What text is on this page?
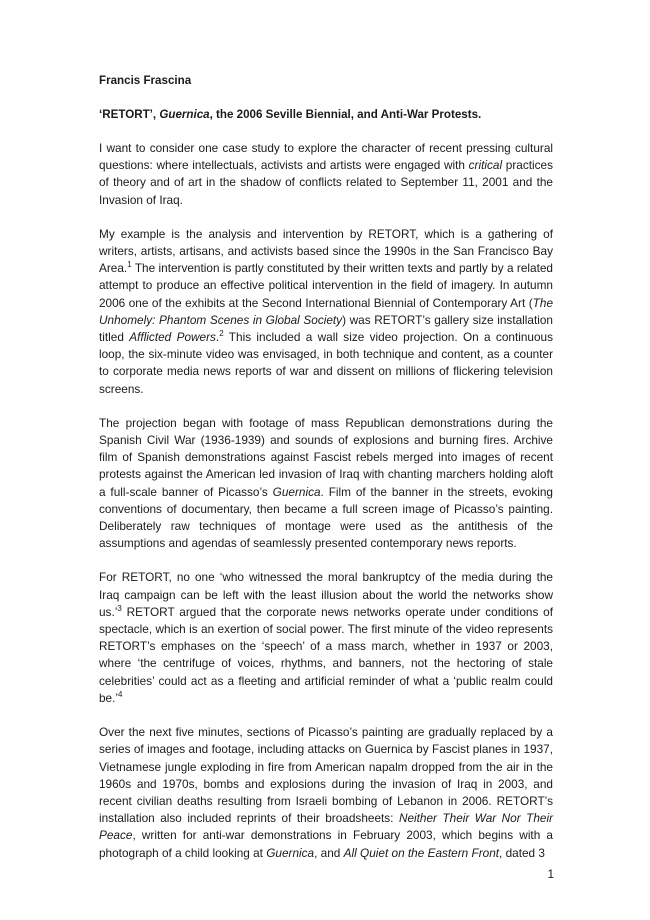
Francis Frascina

‘RETORT’, Guernica, the 2006 Seville Biennial, and Anti-War Protests.

I want to consider one case study to explore the character of recent pressing cultural questions: where intellectuals, activists and artists were engaged with critical practices of theory and of art in the shadow of conflicts related to September 11, 2001 and the Invasion of Iraq.

My example is the analysis and intervention by RETORT, which is a gathering of writers, artists, artisans, and activists based since the 1990s in the San Francisco Bay Area.$^1$ The intervention is partly constituted by their written texts and partly by a related attempt to produce an effective political intervention in the field of imagery. In autumn 2006 one of the exhibits at the Second International Biennial of Contemporary Art (The Unhomely: Phantom Scenes in Global Society) was RETORT’s gallery size installation titled Afflicted Powers.$^2$ This included a wall size video projection. On a continuous loop, the six-minute video was envisaged, in both technique and content, as a counter to corporate media news reports of war and dissent on millions of flickering television screens.

The projection began with footage of mass Republican demonstrations during the Spanish Civil War (1936-1939) and sounds of explosions and burning fires. Archive film of Spanish demonstrations against Fascist rebels merged into images of recent protests against the American led invasion of Iraq with chanting marchers holding aloft a full-scale banner of Picasso’s Guernica. Film of the banner in the streets, evoking conventions of documentary, then became a full screen image of Picasso’s painting. Deliberately raw techniques of montage were used as the antithesis of the assumptions and agendas of seamlessly presented contemporary news reports.

For RETORT, no one ‘who witnessed the moral bankruptcy of the media during the Iraq campaign can be left with the least illusion about the world the networks show us.’$^3$ RETORT argued that the corporate news networks operate under conditions of spectacle, which is an exertion of social power. The first minute of the video represents RETORT’s emphases on the ‘speech’ of a mass march, whether in 1937 or 2003, where ‘the centrifuge of voices, rhythms, and banners, not the hectoring of stale celebrities’ could act as a fleeting and artificial reminder of what a ‘public realm could be.’$^4$

Over the next five minutes, sections of Picasso’s painting are gradually replaced by a series of images and footage, including attacks on Guernica by Fascist planes in 1937, Vietnamese jungle exploding in fire from American napalm dropped from the air in the 1960s and 1970s, bombs and explosions during the invasion of Iraq in 2003, and recent civilian deaths resulting from Israeli bombing of Lebanon in 2006. RETORT’s installation also included reprints of their broadsheets: Neither Their War Nor Their Peace, written for anti-war demonstrations in February 2003, which begins with a photograph of a child looking at Guernica, and All Quiet on the Eastern Front, dated 3

1
